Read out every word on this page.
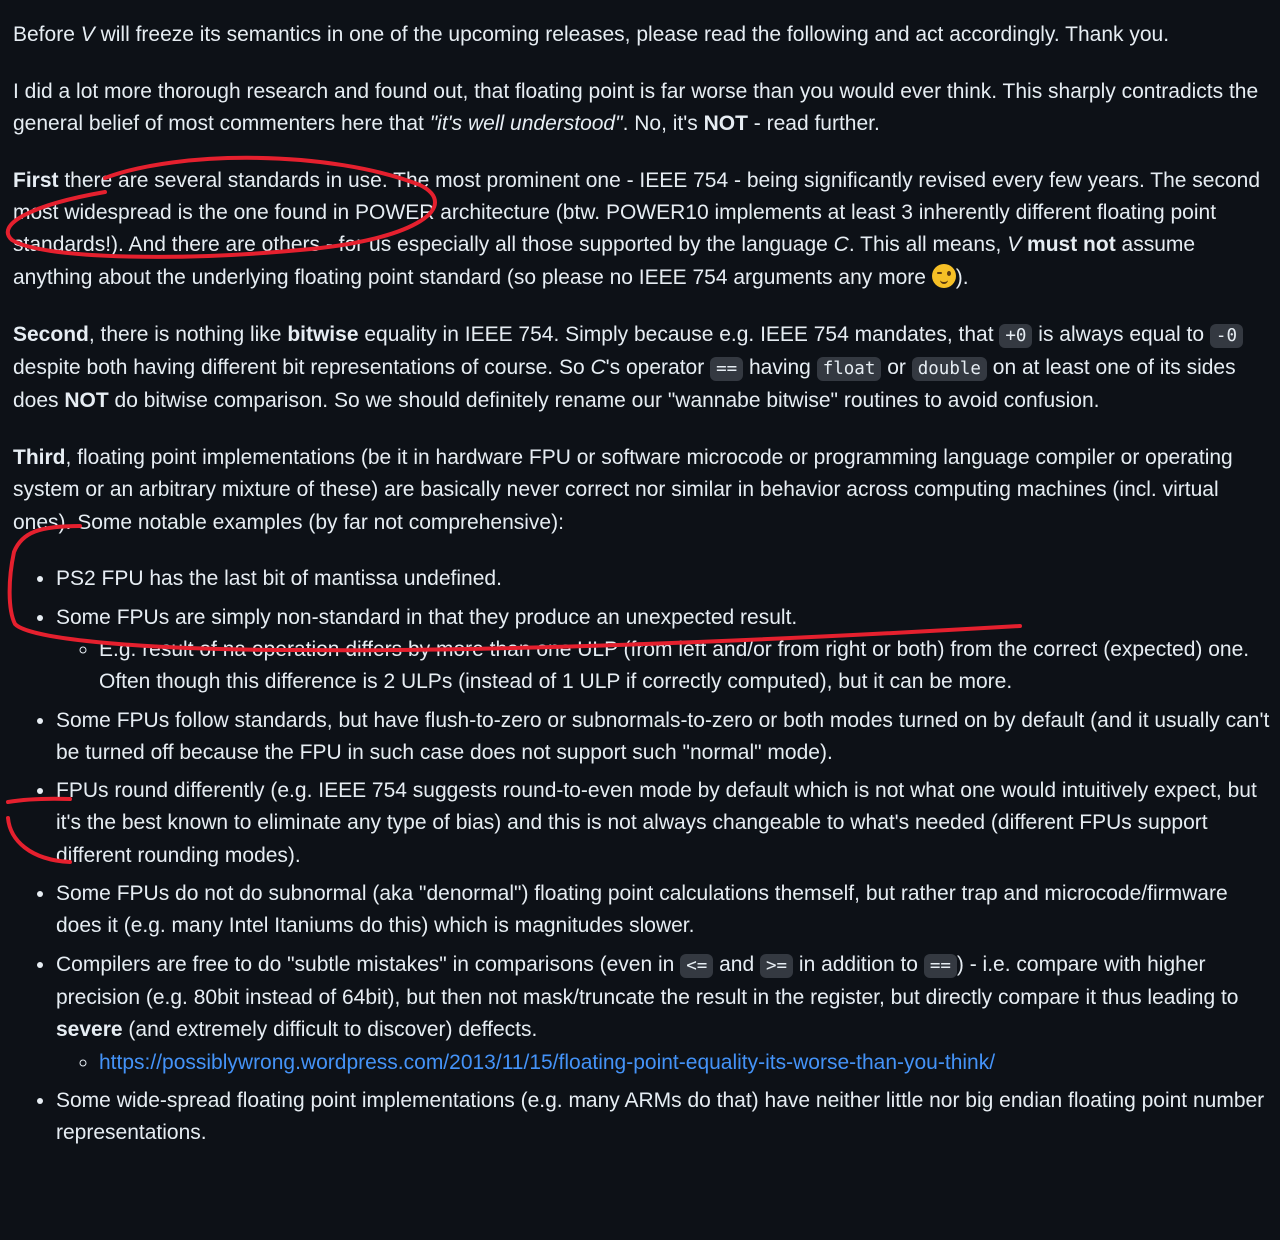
Before V will freeze its semantics in one of the upcoming releases, please read the following and act accordingly. Thank you.

I did a lot more thorough research and found out, that floating point is far worse than you would ever think. This sharply contradicts the general belief of most commenters here that "it's well understood". No, it's NOT - read further.

First there are several standards in use. The most prominent one - IEEE 754 - being significantly revised every few years. The second most widespread is the one found in POWER architecture (btw. POWER10 implements at least 3 inherently different floating point standards!). And there are others - for us especially all those supported by the language C. This all means, V must not assume anything about the underlying floating point standard (so please no IEEE 754 arguments any more
).

Second, there is nothing like bitwise equality in IEEE 754. Simply because e.g. IEEE 754 mandates, that +0 is always equal to -0 despite both having different bit representations of course. So C's operator == having float or double on at least one of its sides does NOT do bitwise comparison. So we should definitely rename our "wannabe bitwise" routines to avoid confusion.

Third, floating point implementations (be it in hardware FPU or software microcode or programming language compiler or operating system or an arbitrary mixture of these) are basically never correct nor similar in behavior across computing machines (incl. virtual ones). Some notable examples (by far not comprehensive):

• PS2 FPU has the last bit of mantissa undefined.
• Some FPUs are simply non-standard in that they produce an unexpected result.
◦ E.g. result of na operation differs by more than one ULP (from left and/or from right or both) from the correct (expected) one. Often though this difference is 2 ULPs (instead of 1 ULP if correctly computed), but it can be more.
• Some FPUs follow standards, but have flush-to-zero or subnormals-to-zero or both modes turned on by default (and it usually can't be turned off because the FPU in such case does not support such "normal" mode).
• FPUs round differently (e.g. IEEE 754 suggests round-to-even mode by default which is not what one would intuitively expect, but it's the best known to eliminate any type of bias) and this is not always changeable to what's needed (different FPUs support different rounding modes).
• Some FPUs do not do subnormal (aka "denormal") floating point calculations themself, but rather trap and microcode/firmware does it (e.g. many Intel Itaniums do this) which is magnitudes slower.
• Compilers are free to do "subtle mistakes" in comparisons (even in <= and >= in addition to == ) - i.e. compare with higher precision (e.g. 80bit instead of 64bit), but then not mask/truncate the result in the register, but directly compare it thus leading to severe (and extremely difficult to discover) deffects.
◦ https://possiblywrong.wordpress.com/2013/11/15/floating-point-equality-its-worse-than-you-think/
• Some wide-spread floating point implementations (e.g. many ARMs do that) have neither little nor big endian floating point number representations.
